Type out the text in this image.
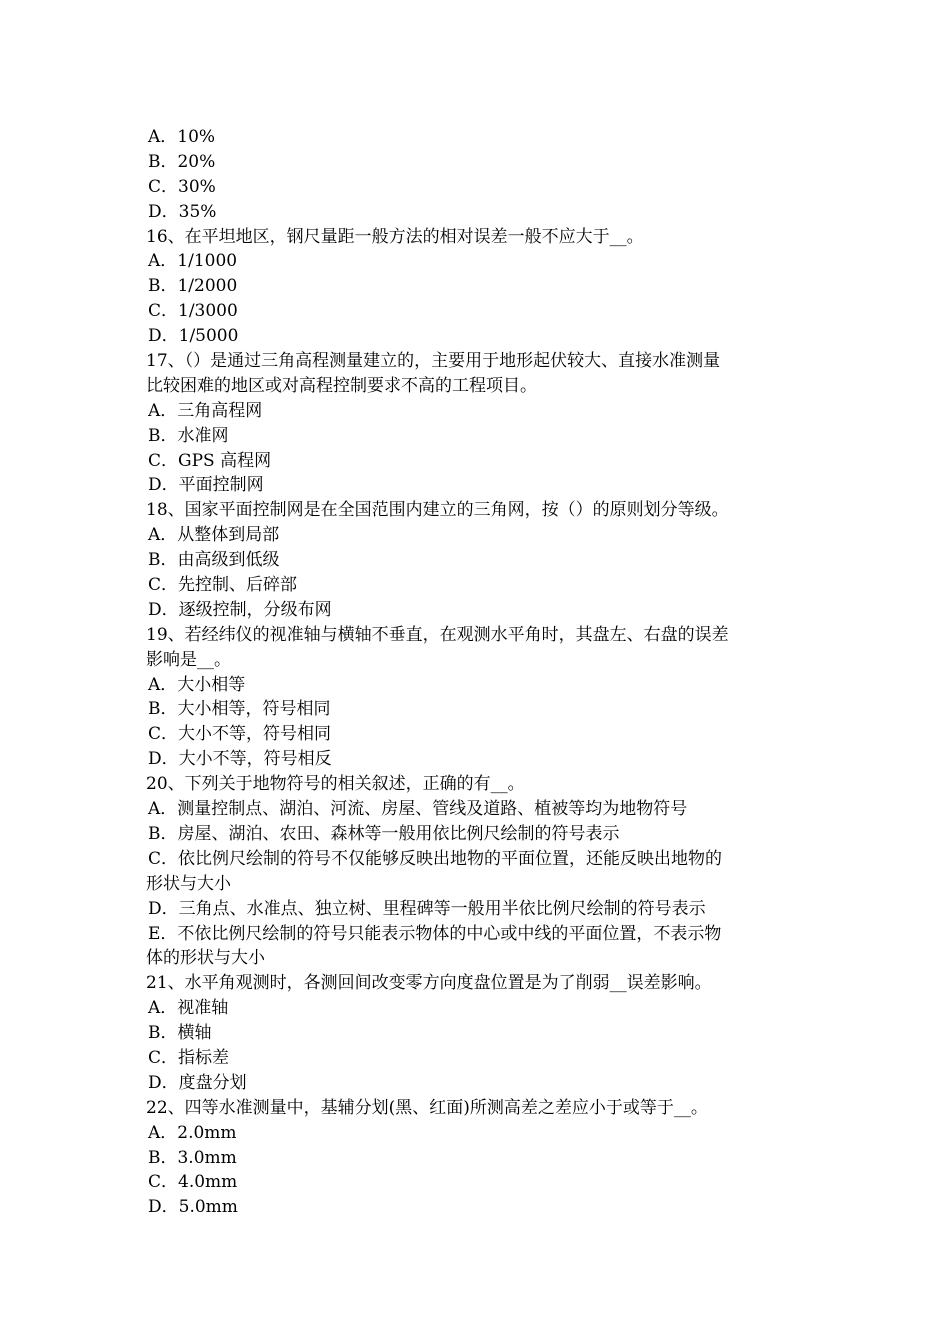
A．10%
B．20%
C．30%
D．35%
16、在平坦地区，钢尺量距一般方法的相对误差一般不应大于__。
A．1/1000
B．1/2000
C．1/3000
D．1/5000
17、（）是通过三角高程测量建立的，主要用于地形起伏较大、直接水准测量
比较困难的地区或对高程控制要求不高的工程项目。
A．三角高程网
B．水准网
C．GPS 高程网
D．平面控制网
18、国家平面控制网是在全国范围内建立的三角网，按（）的原则划分等级。
A．从整体到局部
B．由高级到低级
C．先控制、后碎部
D．逐级控制，分级布网
19、若经纬仪的视准轴与横轴不垂直，在观测水平角时，其盘左、右盘的误差
影响是__。
A．大小相等
B．大小相等，符号相同
C．大小不等，符号相同
D．大小不等，符号相反
20、下列关于地物符号的相关叙述，正确的有__。
A．测量控制点、湖泊、河流、房屋、管线及道路、植被等均为地物符号
B．房屋、湖泊、农田、森林等一般用依比例尺绘制的符号表示
C．依比例尺绘制的符号不仅能够反映出地物的平面位置，还能反映出地物的
形状与大小
D．三角点、水准点、独立树、里程碑等一般用半依比例尺绘制的符号表示
E．不依比例尺绘制的符号只能表示物体的中心或中线的平面位置，不表示物
体的形状与大小
21、水平角观测时，各测回间改变零方向度盘位置是为了削弱__误差影响。
A．视准轴
B．横轴
C．指标差
D．度盘分划
22、四等水准测量中，基辅分划(黑、红面)所测高差之差应小于或等于__。
A．2.0mm
B．3.0mm
C．4.0mm
D．5.0mm
